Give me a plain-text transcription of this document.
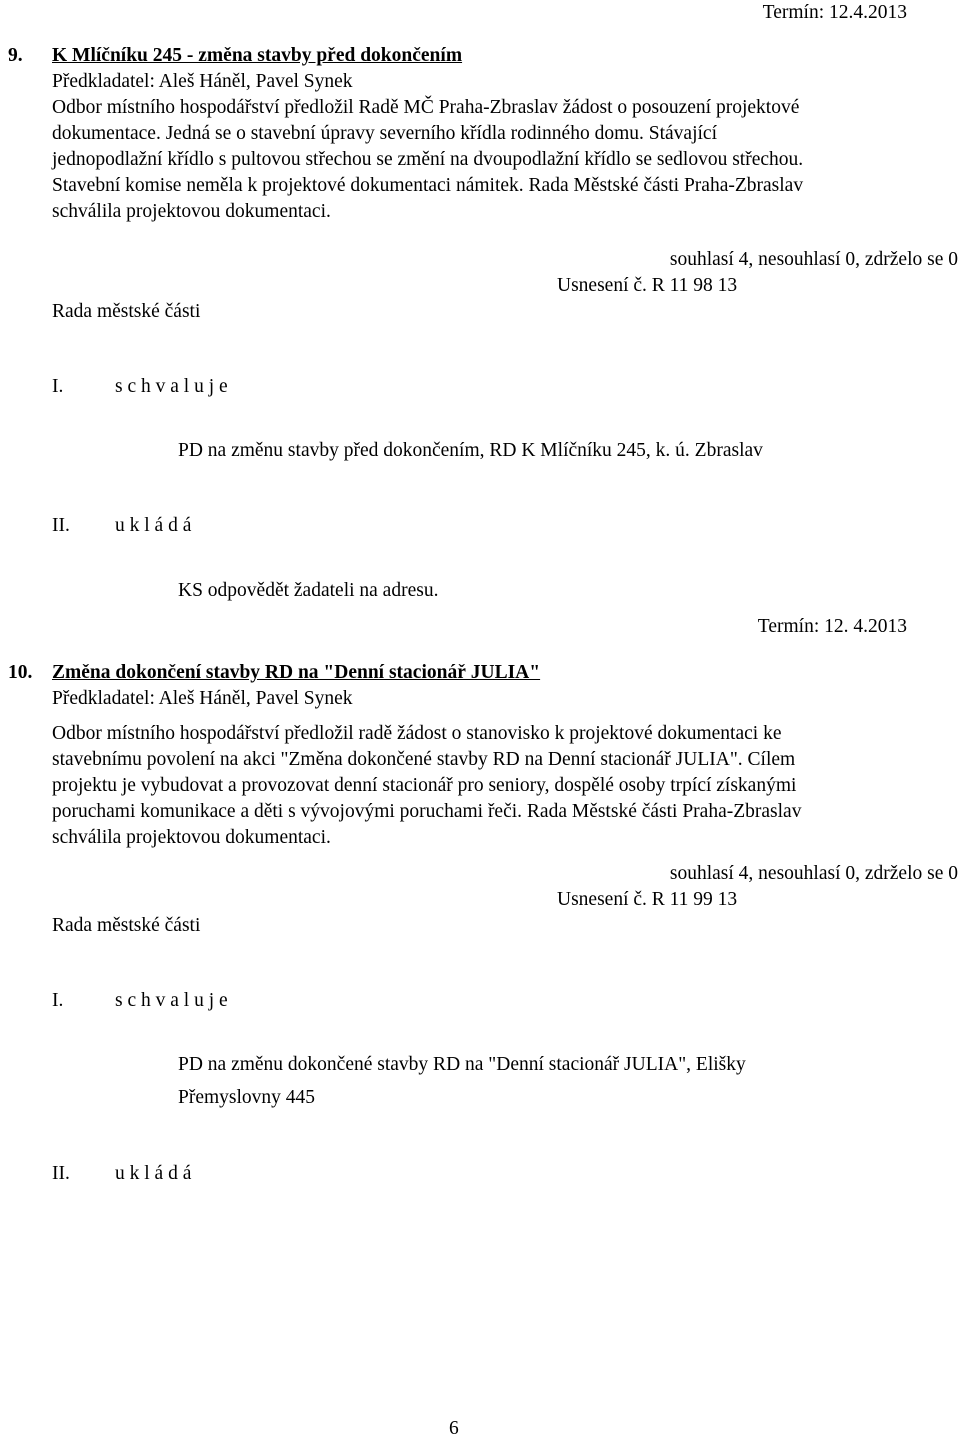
Termín: 12.4.2013
9. K Mlíčníku 245 - změna stavby před dokončením
Předkladatel: Aleš Háněl, Pavel Synek

Odbor místního hospodářství předložil Radě MČ Praha-Zbraslav žádost o posouzení projektové

dokumentace. Jedná se o stavební úpravy severního křídla rodinného domu. Stávající

jednopodlažní křídlo s pultovou střechou se změní na dvoupodlažní křídlo se sedlovou střechou.

Stavební komise neměla k projektové dokumentaci námitek. Rada Městské části Praha-Zbraslav

schválila projektovou dokumentaci.

souhlasí 4, nesouhlasí 0, zdrželo se 0
Usnesení č. R 11 98 13
Rada městské části
I.	s c h v a l u j e
PD na změnu stavby před dokončením, RD K Mlíčníku 245, k. ú. Zbraslav
II. u k l á d á
KS odpovědět žadateli na adresu.
Termín: 12. 4.2013
10. Změna dokončení stavby RD na "Denní stacionář JULIA"
Předkladatel: Aleš Háněl, Pavel Synek

Odbor místního hospodářství předložil radě žádost o stanovisko k projektové dokumentaci ke

stavebnímu povolení na akci "Změna dokončené stavby RD na Denní stacionář JULIA". Cílem

projektu je vybudovat a provozovat denní stacionář pro seniory, dospělé osoby trpící získanými

poruchami komunikace a děti s vývojovými poruchami řeči. Rada Městské části Praha-Zbraslav

schválila projektovou dokumentaci.

souhlasí 4, nesouhlasí 0, zdrželo se 0
Usnesení č. R 11 99 13
Rada městské části
I.	s c h v a l u j e
PD na změnu dokončené stavby RD na "Denní stacionář JULIA", Elišky
Přemyslovny 445
II. u k l á d á
6
